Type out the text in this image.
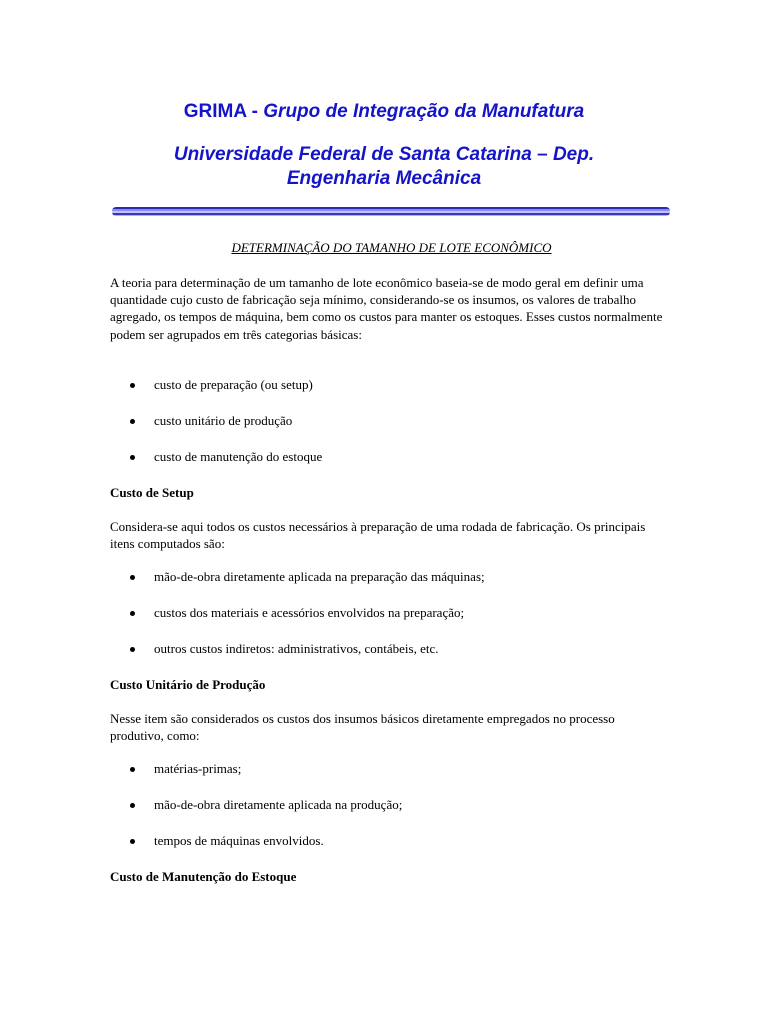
GRIMA - Grupo de Integração da Manufatura
Universidade Federal de Santa Catarina – Dep. Engenharia Mecânica
DETERMINAÇÃO DO TAMANHO DE LOTE ECONÔMICO

A teoria para determinação de um tamanho de lote econômico baseia-se de modo geral em definir uma quantidade cujo custo de fabricação seja mínimo, considerando-se os insumos, os valores de trabalho agregado, os tempos de máquina, bem como os custos para manter os estoques. Esses custos normalmente podem ser agrupados em três categorias básicas:

custo de preparação (ou setup)

custo unitário de produção

custo de manutenção do estoque

Custo de Setup

Considera-se aqui todos os custos necessários à preparação de uma rodada de fabricação. Os principais itens computados são:

mão-de-obra diretamente aplicada na preparação das máquinas;

custos dos materiais e acessórios envolvidos na preparação;

outros custos indiretos: administrativos, contábeis, etc.

Custo Unitário de Produção

Nesse item são considerados os custos dos insumos básicos diretamente empregados no processo produtivo, como:

matérias-primas;

mão-de-obra diretamente aplicada na produção;

tempos de máquinas envolvidos.

Custo de Manutenção do Estoque
